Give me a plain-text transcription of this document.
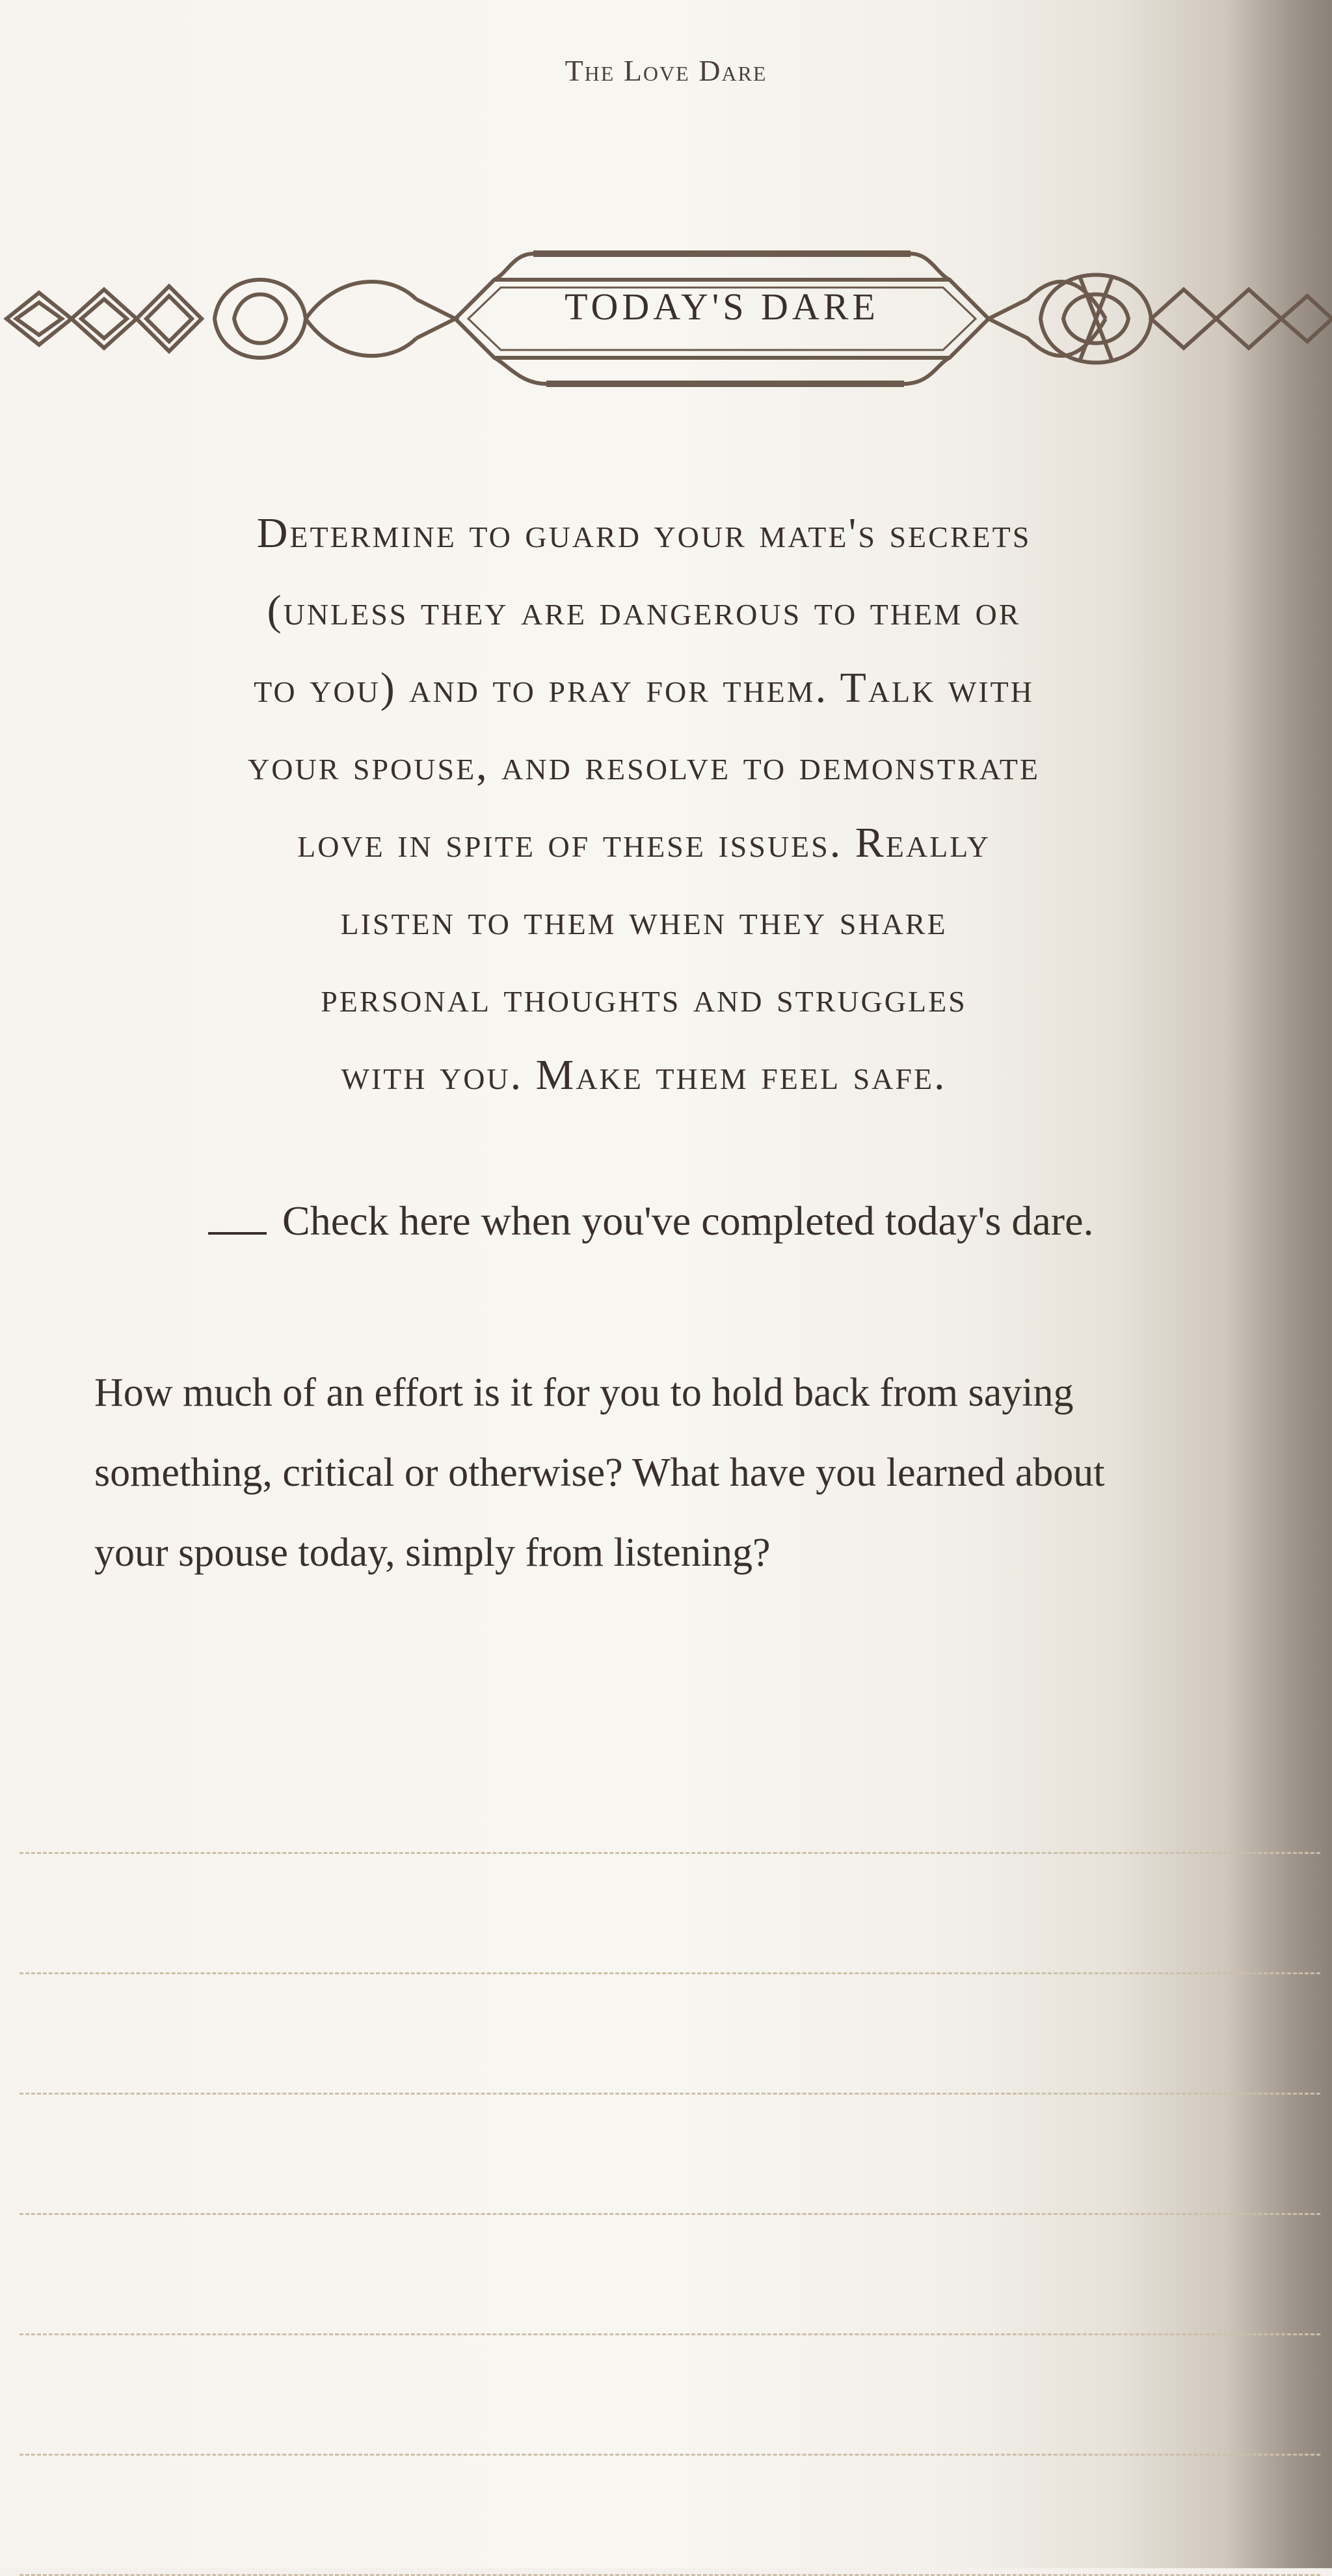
The Love Dare
TODAY'S DARE
Determine to guard your mate's secrets
(unless they are dangerous to them or
to you) and to pray for them. Talk with
your spouse, and resolve to demonstrate
love in spite of these issues. Really
listen to them when they share
personal thoughts and struggles
with you. Make them feel safe.
Check here when you've completed today's dare.
How much of an effort is it for you to hold back from saying
something, critical or otherwise? What have you learned about
your spouse today, simply from listening?
